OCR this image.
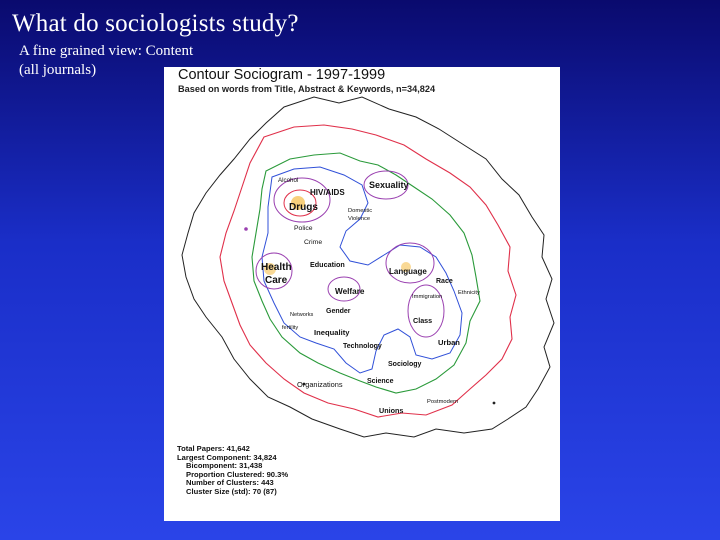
What do sociologists study?
A fine grained view: Content
(all journals)	Contour Sociogram - 1997-1999
Based on words from Title, Abstract & Keywords, n=34,824
Alcohol
HIV/AIDS
Sexuality
Drugs	Domestic
Violence
Police
Crime
Health
Care
Education
Language
Race
Ethnicity
Immigration
Welfare
Networks Gender
fertility Inequality
Class
Urban
Technology
Sociology
Science
Organizations
Postmodern
Unions
Total Papers: 41,642
Largest Component: 34,824
Bicomponent: 31,438
Proportion Clustered: 90.3%
Number of Clusters: 443
Cluster Size (std): 70 (87)
